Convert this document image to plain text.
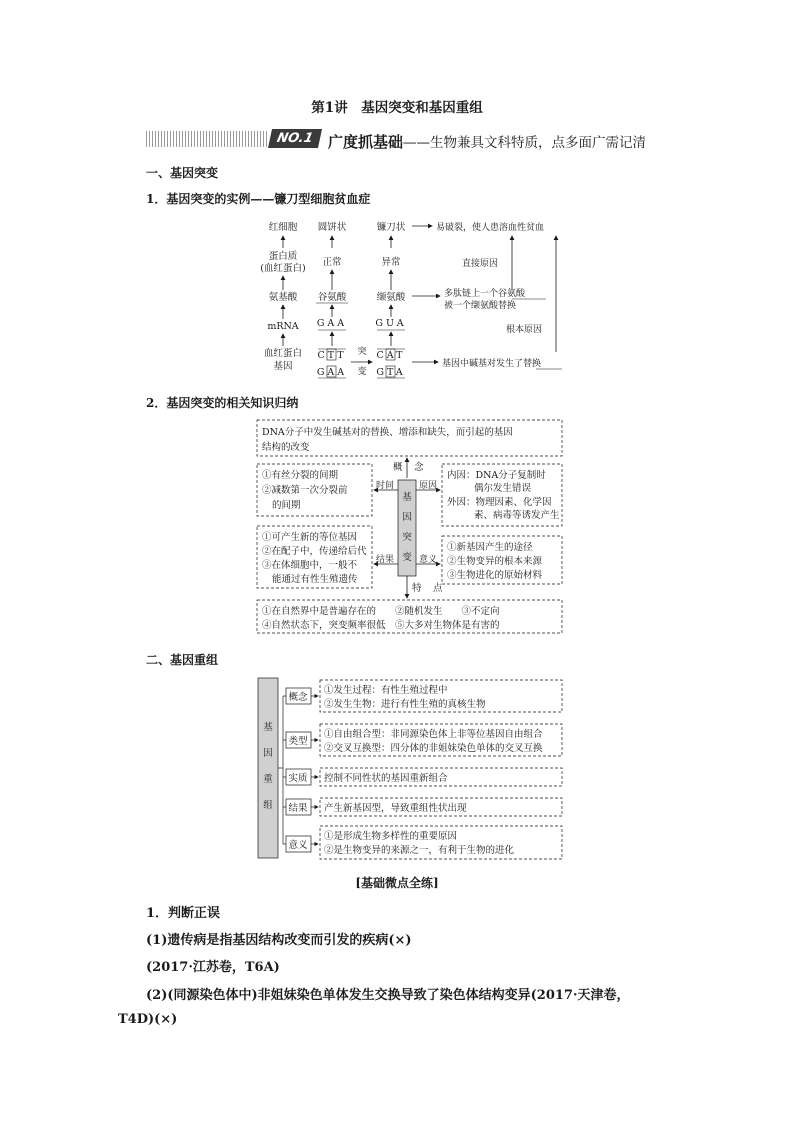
第1讲　基因突变和基因重组
NO.1 广度抓基础——生物兼具文科特质，点多面广需记清
一、基因突变
1．基因突变的实例——镰刀型细胞贫血症
红细胞
蛋白质
(血红蛋白)
氨基酸
mRNA
血红蛋白
基因
圆饼状
正常
谷氨酸
GAA
CTT
GAA
突
变
镰刀状
异常
缬氨酸
GUA
CAT
GTA
易破裂，使人患溶血性贫血
直接原因
多肽链上一个谷氨酸
被一个缬氨酸替换
根本原因
基因中碱基对发生了替换
2．基因突变的相关知识归纳
DNA分子中发生碱基对的替换、增添和缺失，而引起的基因
结构的改变
概　念
基
因
突
变
①有丝分裂的间期
②减数第一次分裂前
的间期
时间
内因：DNA分子复制时
偶尔发生错误
外因：物理因素、化学因
素、病毒等诱发产生
原因
①可产生新的等位基因
②在配子中，传递给后代
③在体细胞中，一般不
能通过有性生殖遗传
结果
①新基因产生的途径
②生物变异的根本来源
③生物进化的原始材料
意义
特　点
①在自然界中是普遍存在的　　②随机发生　　③不定向
④自然状态下，突变频率很低　⑤大多对生物体是有害的
二、基因重组
基
因
重
组
概念
①发生过程：有性生殖过程中
②发生生物：进行有性生殖的真核生物
类型
①自由组合型：非同源染色体上非等位基因自由组合
②交叉互换型：四分体的非姐妹染色单体的交叉互换
实质 控制不同性状的基因重新组合
结果 产生新基因型，导致重组性状出现
意义
①是形成生物多样性的重要原因
②是生物变异的来源之一，有利于生物的进化
[基础微点全练]
1．判断正误
(1)遗传病是指基因结构改变而引发的疾病(×)
(2017·江苏卷，T6A)
(2)(同源染色体中)非姐妹染色单体发生交换导致了染色体结构变异(2017·天津卷，
T4D)(×)
